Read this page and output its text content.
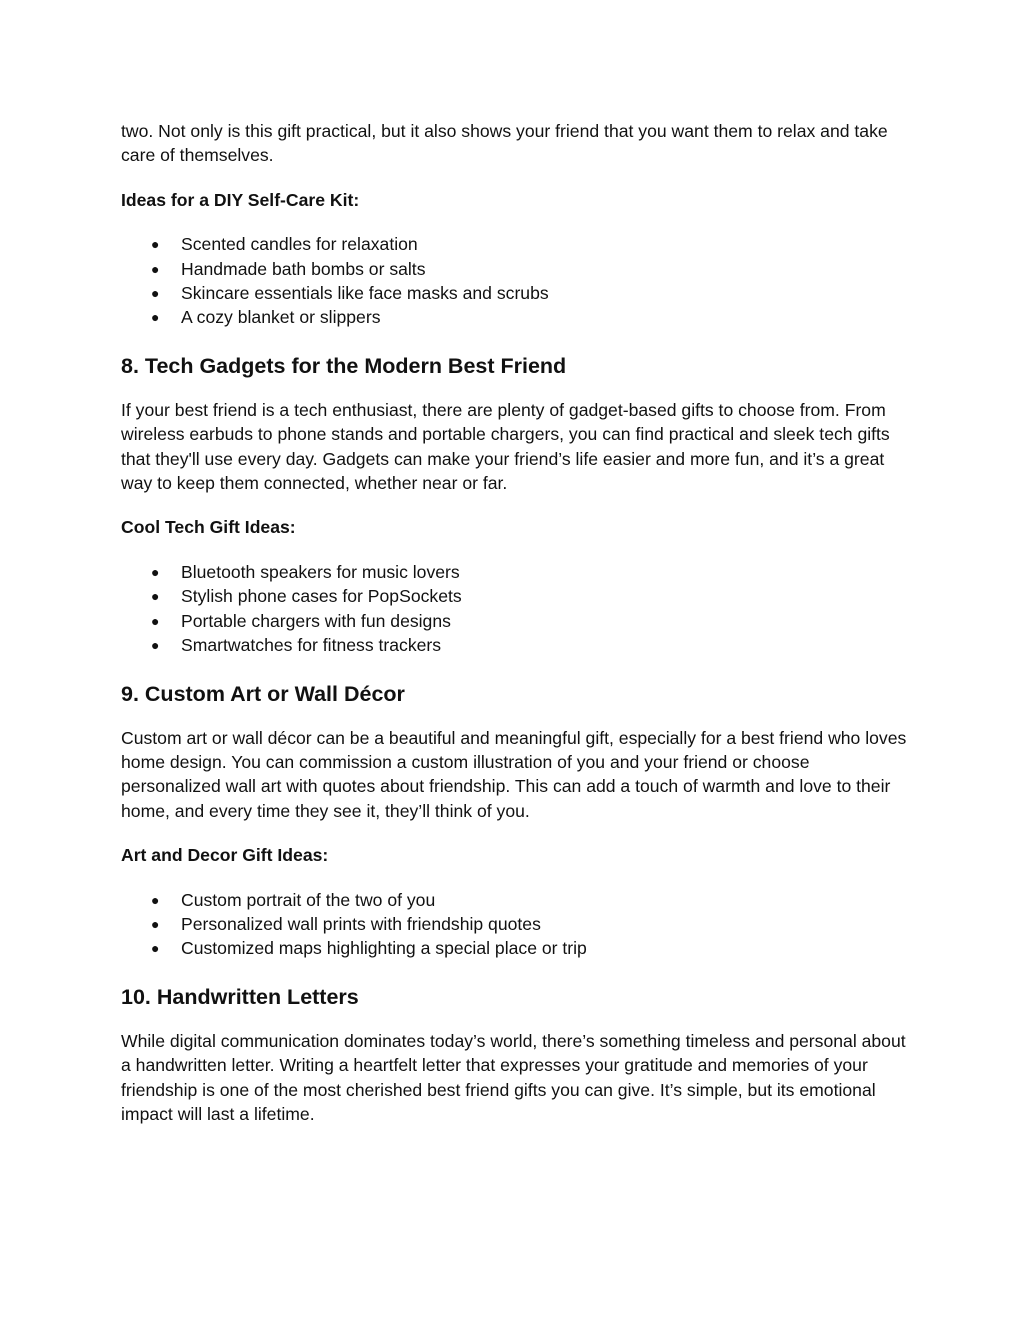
two. Not only is this gift practical, but it also shows your friend that you want them to relax and take care of themselves.

Ideas for a DIY Self-Care Kit:

● Scented candles for relaxation
● Handmade bath bombs or salts
● Skincare essentials like face masks and scrubs
● A cozy blanket or slippers
8. Tech Gadgets for the Modern Best Friend

If your best friend is a tech enthusiast, there are plenty of gadget-based gifts to choose from. From wireless earbuds to phone stands and portable chargers, you can find practical and sleek tech gifts that they'll use every day. Gadgets can make your friend’s life easier and more fun, and it’s a great way to keep them connected, whether near or far.

Cool Tech Gift Ideas:

● Bluetooth speakers for music lovers
● Stylish phone cases for PopSockets
● Portable chargers with fun designs
● Smartwatches for fitness trackers
9. Custom Art or Wall Décor

Custom art or wall décor can be a beautiful and meaningful gift, especially for a best friend who loves home design. You can commission a custom illustration of you and your friend or choose personalized wall art with quotes about friendship. This can add a touch of warmth and love to their home, and every time they see it, they’ll think of you.

Art and Decor Gift Ideas:

● Custom portrait of the two of you
● Personalized wall prints with friendship quotes
● Customized maps highlighting a special place or trip
10. Handwritten Letters

While digital communication dominates today’s world, there’s something timeless and personal about a handwritten letter. Writing a heartfelt letter that expresses your gratitude and memories of your friendship is one of the most cherished best friend gifts you can give. It’s simple, but its emotional impact will last a lifetime.
